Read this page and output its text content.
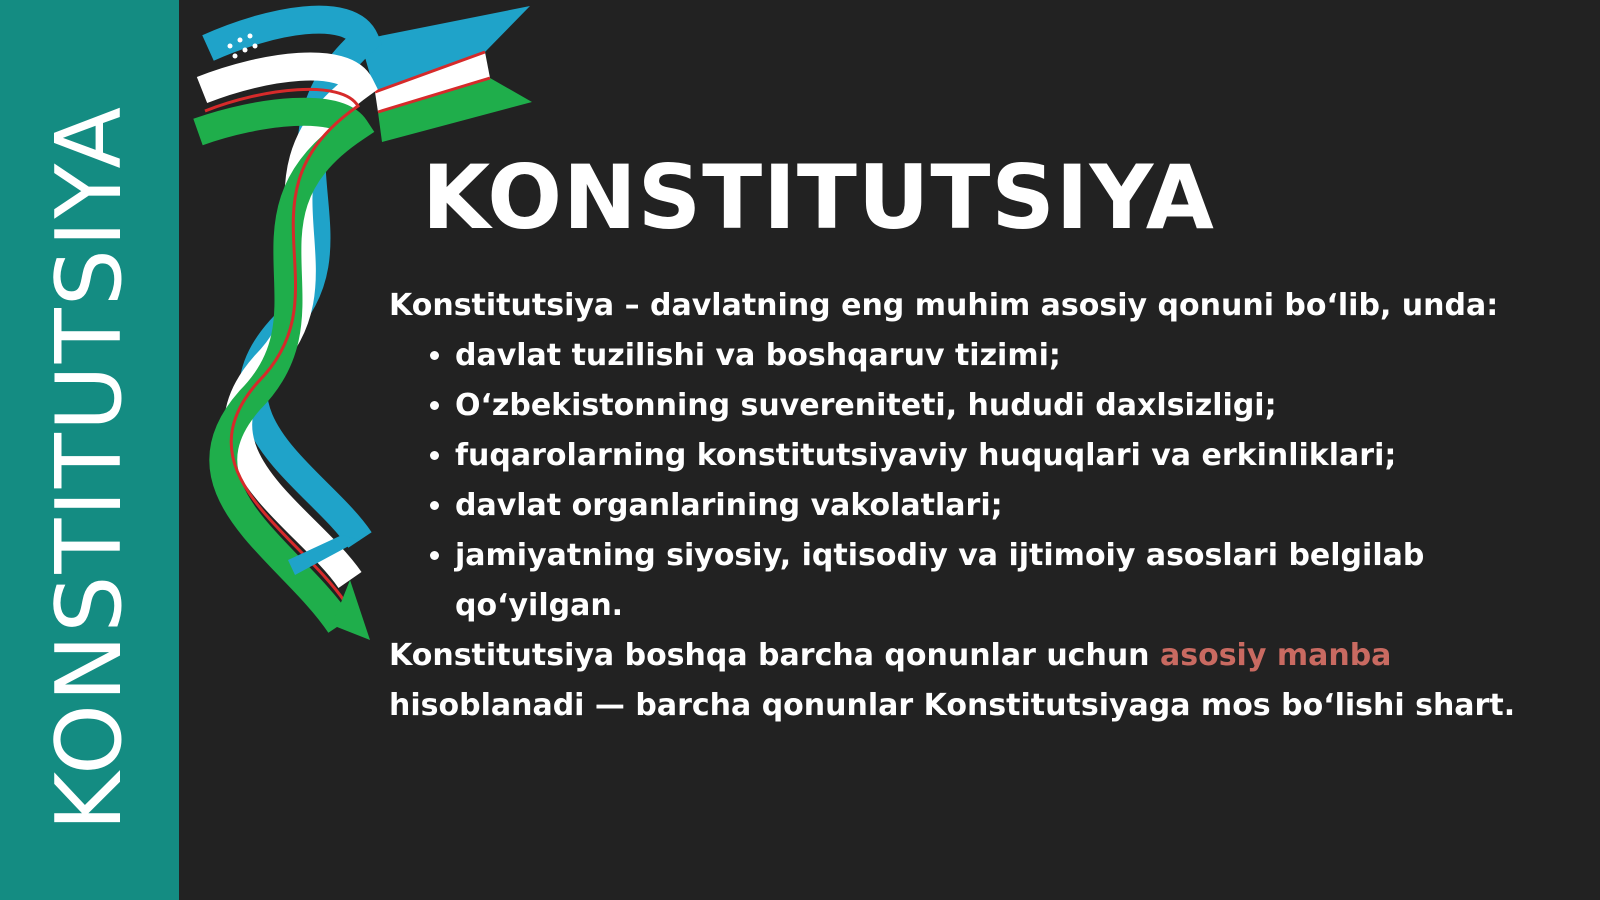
KONSTITUTSIYA	KONSTITUTSIYA

Konstitutsiya – davlatning eng muhim asosiy qonuni bo‘lib, unda:

• davlat tuzilishi va boshqaruv tizimi;
• O‘zbekistonning suvereniteti, hududi daxlsizligi;
• fuqarolarning konstitutsiyaviy huquqlari va erkinliklari;
• davlat organlarining vakolatlari;
• jamiyatning siyosiy, iqtisodiy va ijtimoiy asoslari belgilab qo‘yilgan.

Konstitutsiya boshqa barcha qonunlar uchun asosiy manba hisoblanadi — barcha qonunlar Konstitutsiyaga mos bo‘lishi shart.
